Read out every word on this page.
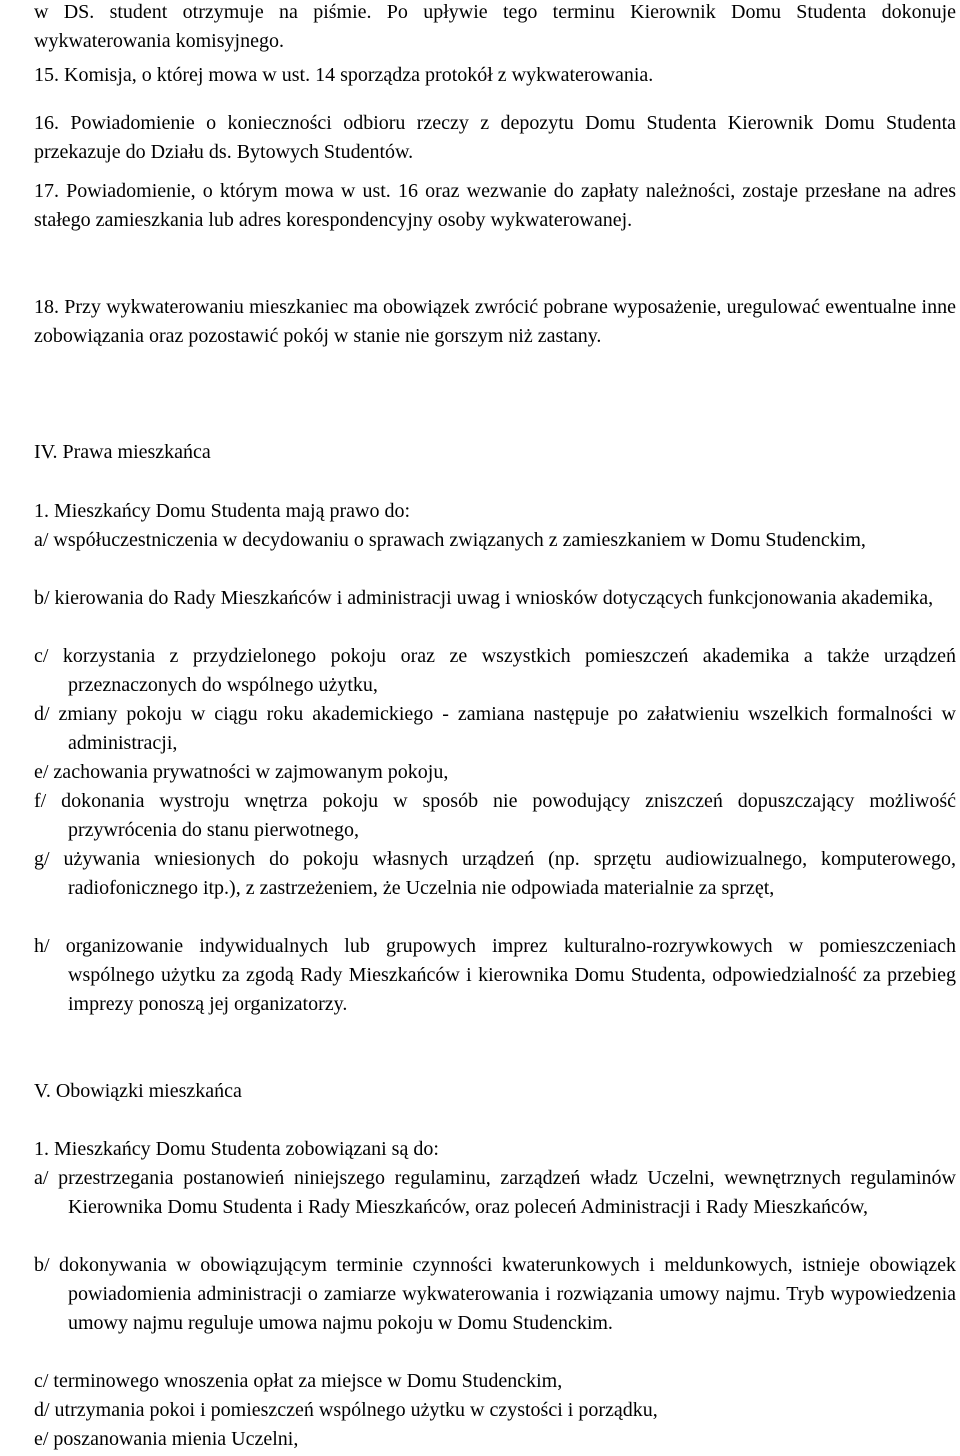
w DS. student otrzymuje na piśmie. Po upływie tego terminu Kierownik Domu Studenta dokonuje wykwaterowania komisyjnego.

15. Komisja, o której mowa w ust. 14 sporządza protokół z wykwaterowania.

16. Powiadomienie o konieczności odbioru rzeczy z depozytu Domu Studenta Kierownik Domu Studenta przekazuje do Działu ds. Bytowych Studentów.

17. Powiadomienie, o którym mowa w ust. 16 oraz wezwanie do zapłaty należności, zostaje przesłane na adres stałego zamieszkania lub adres korespondencyjny osoby wykwaterowanej.

18. Przy wykwaterowaniu mieszkaniec ma obowiązek zwrócić pobrane wyposażenie, uregulować ewentualne inne zobowiązania oraz pozostawić pokój w stanie nie gorszym niż zastany.

IV. Prawa mieszkańca

1. Mieszkańcy Domu Studenta mają prawo do:

a/ współuczestniczenia w decydowaniu o sprawach związanych z zamieszkaniem w Domu Studenckim,

b/ kierowania do Rady Mieszkańców i administracji uwag i wniosków dotyczących funkcjonowania akademika,

c/ korzystania z przydzielonego pokoju oraz ze wszystkich pomieszczeń akademika a także urządzeń przeznaczonych do wspólnego użytku,

d/ zmiany pokoju w ciągu roku akademickiego - zamiana następuje po załatwieniu wszelkich formalności w administracji,

e/ zachowania prywatności w zajmowanym pokoju,

f/ dokonania wystroju wnętrza pokoju w sposób nie powodujący zniszczeń dopuszczający możliwość przywrócenia do stanu pierwotnego,

g/ używania wniesionych do pokoju własnych urządzeń (np. sprzętu audiowizualnego, komputerowego, radiofonicznego itp.), z zastrzeżeniem, że Uczelnia nie odpowiada materialnie za sprzęt,

h/ organizowanie indywidualnych lub grupowych imprez kulturalno-rozrywkowych w pomieszczeniach wspólnego użytku za zgodą Rady Mieszkańców i kierownika Domu Studenta, odpowiedzialność za przebieg imprezy ponoszą jej organizatorzy.

V. Obowiązki mieszkańca

1. Mieszkańcy Domu Studenta zobowiązani są do:

a/ przestrzegania postanowień niniejszego regulaminu, zarządzeń władz Uczelni, wewnętrznych regulaminów Kierownika Domu Studenta i Rady Mieszkańców, oraz poleceń Administracji i Rady Mieszkańców,

b/ dokonywania w obowiązującym terminie czynności kwaterunkowych i meldunkowych, istnieje obowiązek powiadomienia administracji o zamiarze wykwaterowania i rozwiązania umowy najmu. Tryb wypowiedzenia umowy najmu reguluje umowa najmu pokoju w Domu Studenckim.

c/ terminowego wnoszenia opłat za miejsce w Domu Studenckim,

d/ utrzymania pokoi i pomieszczeń wspólnego użytku w czystości i porządku,

e/ poszanowania mienia Uczelni,
